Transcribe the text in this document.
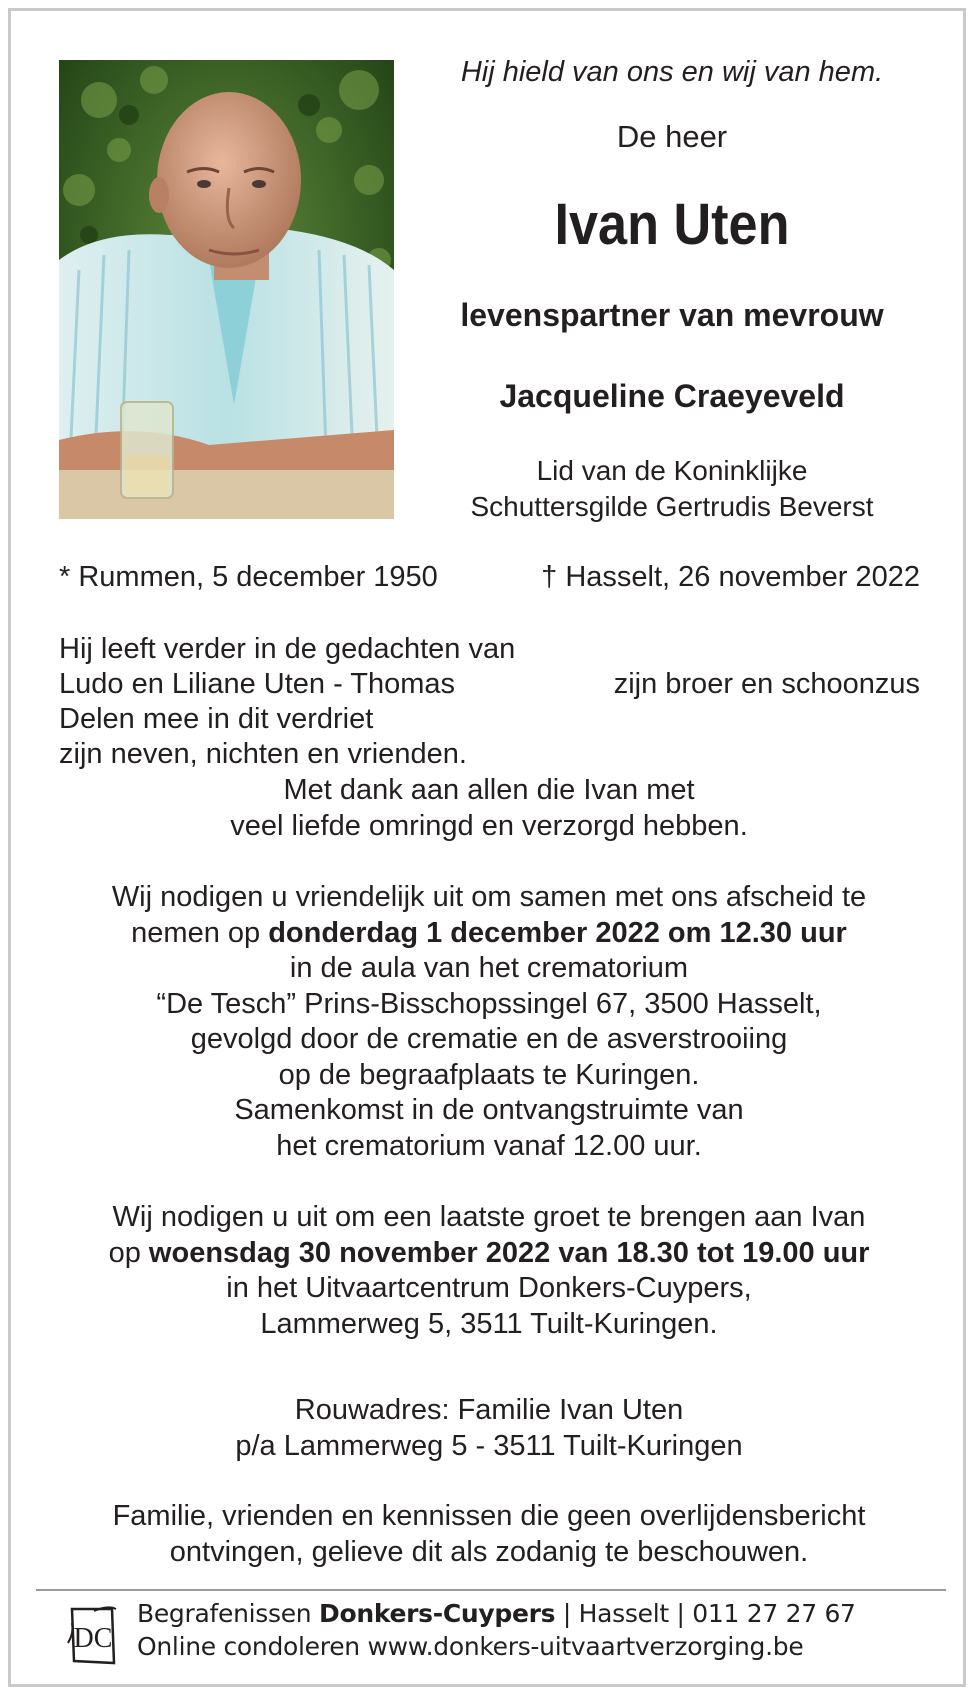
Hij hield van ons en wij van hem.
De heer
Ivan Uten
levenspartner van mevrouw
Jacqueline Craeyeveld
Lid van de Koninklijke
Schuttersgilde Gertrudis Beverst
* Rummen, 5 december 1950	† Hasselt, 26 november 2022
Hij leeft verder in de gedachten van
Ludo en Liliane Uten - Thomas	zijn broer en schoonzus
Delen mee in dit verdriet
zijn neven, nichten en vrienden.
Met dank aan allen die Ivan met
veel liefde omringd en verzorgd hebben.
Wij nodigen u vriendelijk uit om samen met ons afscheid te
nemen op donderdag 1 december 2022 om 12.30 uur
in de aula van het crematorium
“De Tesch” Prins-Bisschopssingel 67, 3500 Hasselt,
gevolgd door de crematie en de asverstrooiing
op de begraafplaats te Kuringen.
Samenkomst in de ontvangstruimte van
het crematorium vanaf 12.00 uur.
Wij nodigen u uit om een laatste groet te brengen aan Ivan
op woensdag 30 november 2022 van 18.30 tot 19.00 uur
in het Uitvaartcentrum Donkers-Cuypers,
Lammerweg 5, 3511 Tuilt-Kuringen.
Rouwadres: Familie Ivan Uten
p/a Lammerweg 5 - 3511 Tuilt-Kuringen
Familie, vrienden en kennissen die geen overlijdensbericht
ontvingen, gelieve dit als zodanig te beschouwen.
DC
Begrafenissen Donkers-Cuypers | Hasselt | 011 27 27 67
Online condoleren www.donkers-uitvaartverzorging.be
